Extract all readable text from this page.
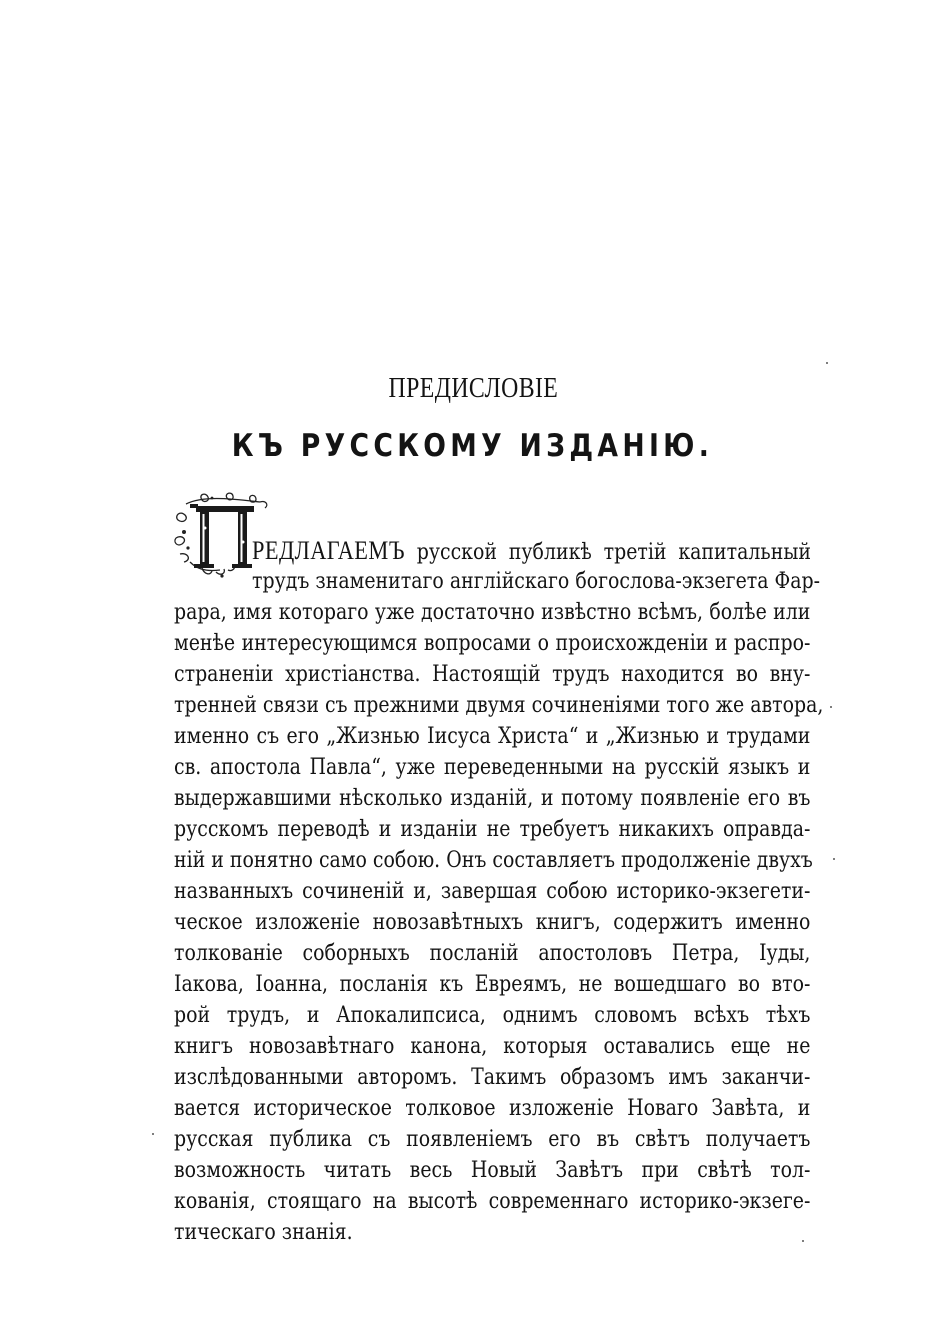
ПРЕДИСЛОВІЕ
КЪ РУССКОМУ ИЗДАНІЮ.
РЕДЛАГАЕМЪ русской публикѣ третій капитальный
трудъ знаменитаго англійскаго богослова-экзегета Фар-
рара, имя котораго уже достаточно извѣстно всѣмъ, болѣе или
менѣе интересующимся вопросами о происхожденіи и распро-
страненіи христіанства. Настоящій трудъ находится во вну-
тренней связи съ прежними двумя сочиненіями того же автора,
именно съ его „Жизнью Іисуса Христа“ и „Жизнью и трудами
св. апостола Павла“, уже переведенными на русскій языкъ и
выдержавшими нѣсколько изданій, и потому появленіе его въ
русскомъ переводѣ и изданіи не требуетъ никакихъ оправда-
ній и понятно само собою. Онъ составляетъ продолженіе двухъ
названныхъ сочиненій и, завершая собою историко-экзегети-
ческое изложеніе новозавѣтныхъ книгъ, содержитъ именно
толкованіе соборныхъ посланій апостоловъ Петра, Іуды,
Іакова, Іоанна, посланія къ Евреямъ, не вошедшаго во вто-
рой трудъ, и Апокалипсиса, однимъ словомъ всѣхъ тѣхъ
книгъ новозавѣтнаго канона, которыя оставались еще не
изслѣдованными авторомъ. Такимъ образомъ имъ заканчи-
вается историческое толковое изложеніе Новаго Завѣта, и
русская публика съ появленіемъ его въ свѣтъ получаетъ
возможность читать весь Новый Завѣтъ при свѣтѣ тол-
кованія, стоящаго на высотѣ современнаго историко-экзеге-
тическаго знанія.
